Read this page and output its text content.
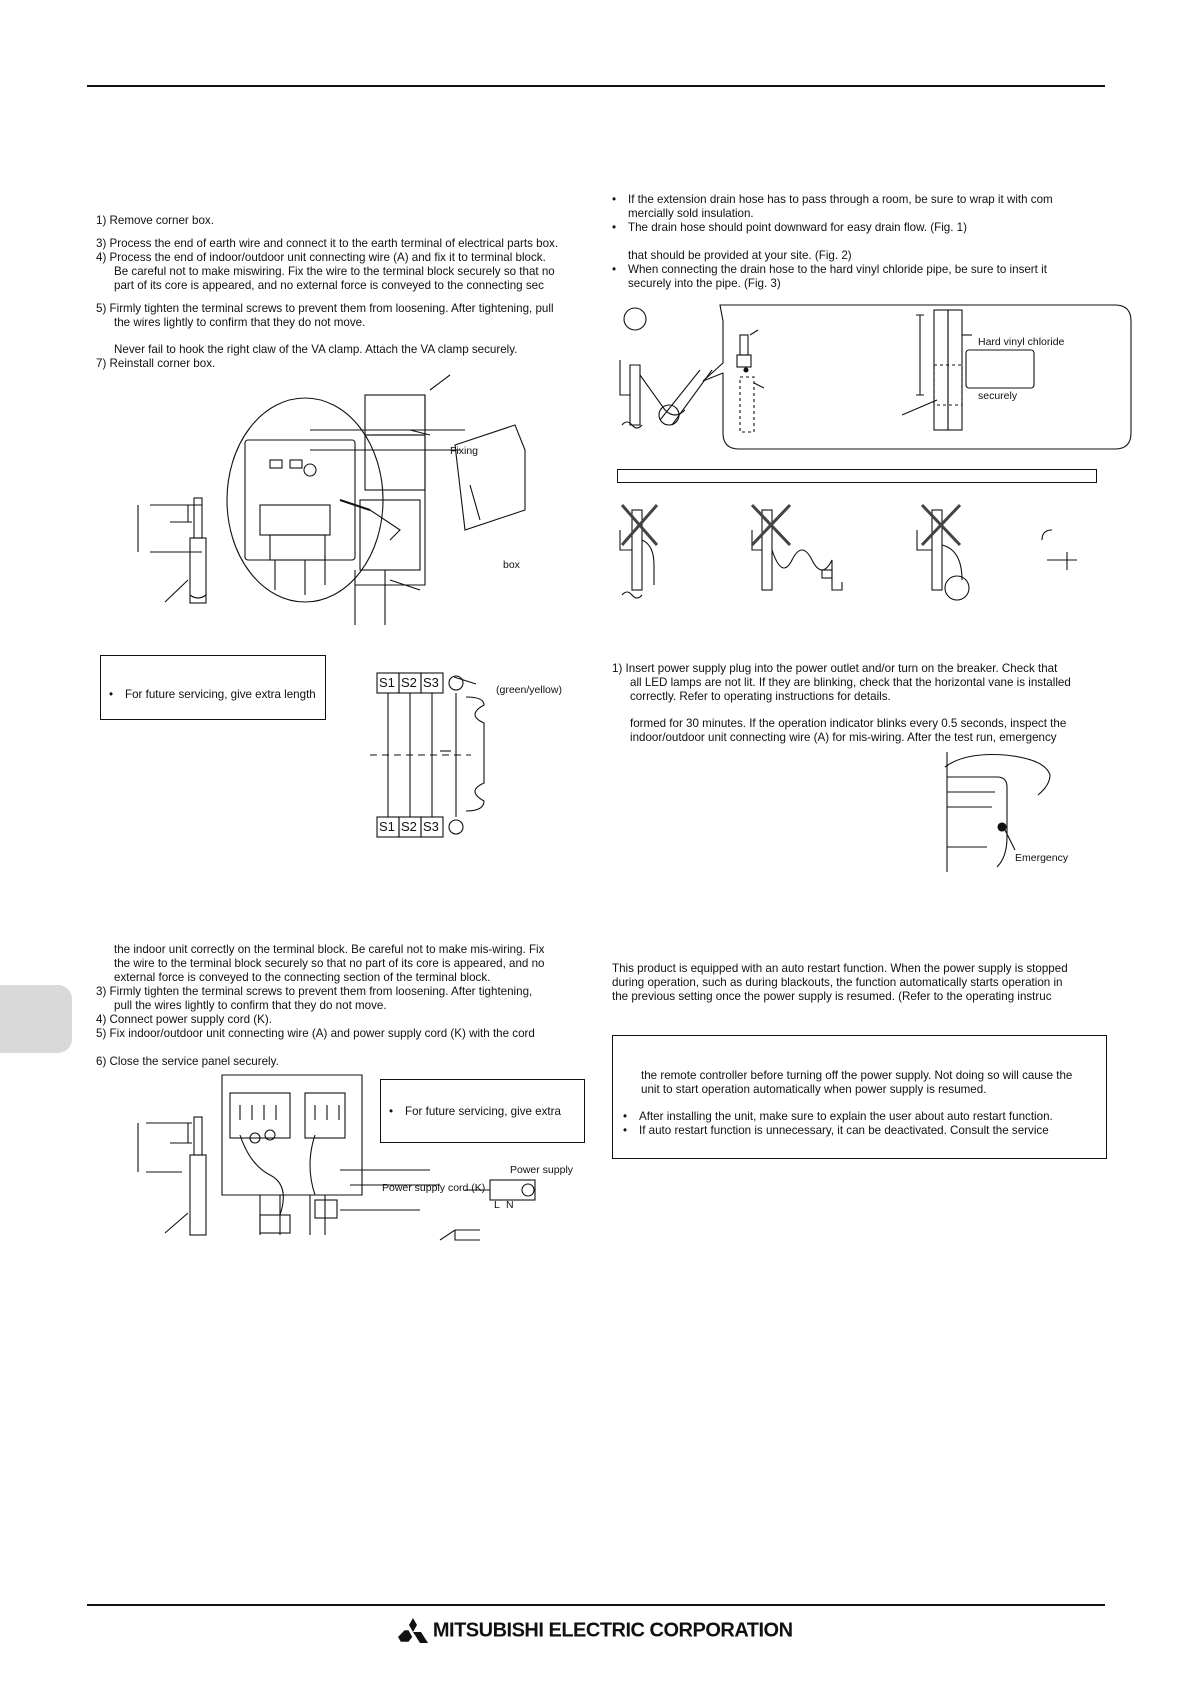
1) Remove corner box.

3) Process the end of earth wire and connect it to the earth terminal of electrical parts box.

4) Process the end of indoor/outdoor unit connecting wire (A) and fix it to terminal block.

Be careful not to make miswiring. Fix the wire to the terminal block securely so that no

part of its core is appeared, and no external force is conveyed to the connecting sec

5) Firmly tighten the terminal screws to prevent them from loosening. After tightening, pull

the wires lightly to confirm that they do not move.

Never fail to hook the right claw of the VA clamp. Attach the VA clamp securely.

7) Reinstall corner box.

Fixing
box
•	For future servicing, give extra length
S1 S2 S3
S1 S2 S3
(green/yellow)

the indoor unit correctly on the terminal block. Be careful not to make mis-wiring. Fix

the wire to the terminal block securely so that no part of its core is appeared, and no

external force is conveyed to the connecting section of the terminal block.

3) Firmly tighten the terminal screws to prevent them from loosening. After tightening,

pull the wires lightly to confirm that they do not move.

4) Connect power supply cord (K).

5) Fix indoor/outdoor unit connecting wire (A) and power supply cord (K) with the cord

6) Close the service panel securely.

•	For future servicing, give extra
Power supply
Power supply cord (K)
L N
•	If the extension drain hose has to pass through a room, be sure to wrap it with com

mercially sold insulation.

•	The drain hose should point downward for easy drain flow. (Fig. 1)

that should be provided at your site. (Fig. 2)

•	When connecting the drain hose to the hard vinyl chloride pipe, be sure to insert it

securely into the pipe. (Fig. 3)

Hard vinyl chloride
securely

1) Insert power supply plug into the power outlet and/or turn on the breaker. Check that

all LED lamps are not lit. If they are blinking, check that the horizontal vane is installed

correctly. Refer to operating instructions for details.

formed for 30 minutes. If the operation indicator blinks every 0.5 seconds, inspect the

indoor/outdoor unit connecting wire (A) for mis-wiring. After the test run, emergency

Emergency

This product is equipped with an auto restart function. When the power supply is stopped

during operation, such as during blackouts, the function automatically starts operation in

the previous setting once the power supply is resumed. (Refer to the operating instruc

the remote controller before turning off the power supply. Not doing so will cause the

unit to start operation automatically when power supply is resumed.

•	After installing the unit, make sure to explain the user about auto restart function.
•	If auto restart function is unnecessary, it can be deactivated. Consult the service
MITSUBISHI ELECTRIC CORPORATION
